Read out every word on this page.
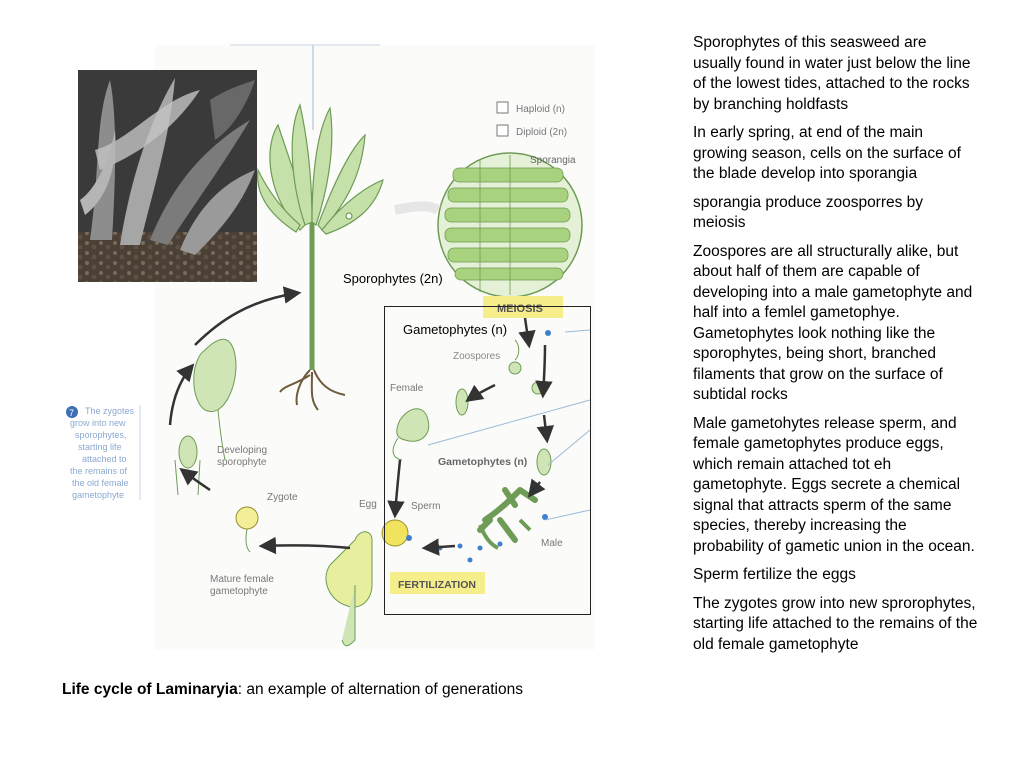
Haploid (n)
Diploid (2n)
Sporangia
MEIOSIS
Zoospores
Female
Gametophytes (n)
Male
Egg	Sperm
Zygote
Mature female
gametophyte
Developing
sporophyte
FERTILIZATION
7 The zygotes
grow into new
sporophytes,
starting life
attached to
the remains of
the old female
gametophyte
Sporophytes (2n)
Gametophytes (n)

Sporophytes of this seasweed are usually found in water just below the line of the lowest tides, attached to the rocks by branching holdfasts

In early spring, at end of the main growing season, cells on the surface of the blade develop into sporangia

sporangia produce zoosporres by meiosis

Zoospores are all structurally alike, but about half of them are capable of developing into a male gametophyte and half into a femlel gametophye. Gametophytes look nothing like the sporophytes, being short, branched filaments that grow on the surface of subtidal rocks

Male gametohytes release sperm, and female gametophytes produce eggs, which remain attached tot eh gametophyte. Eggs secrete a chemical signal that attracts sperm of the same species, thereby increasing the probability of gametic union in the ocean.

Sperm fertilize the eggs

The zygotes grow into new sprorophytes, starting life attached to the remains of the old female gametophyte

Life cycle of Laminaryia: an example of alternation of generations
